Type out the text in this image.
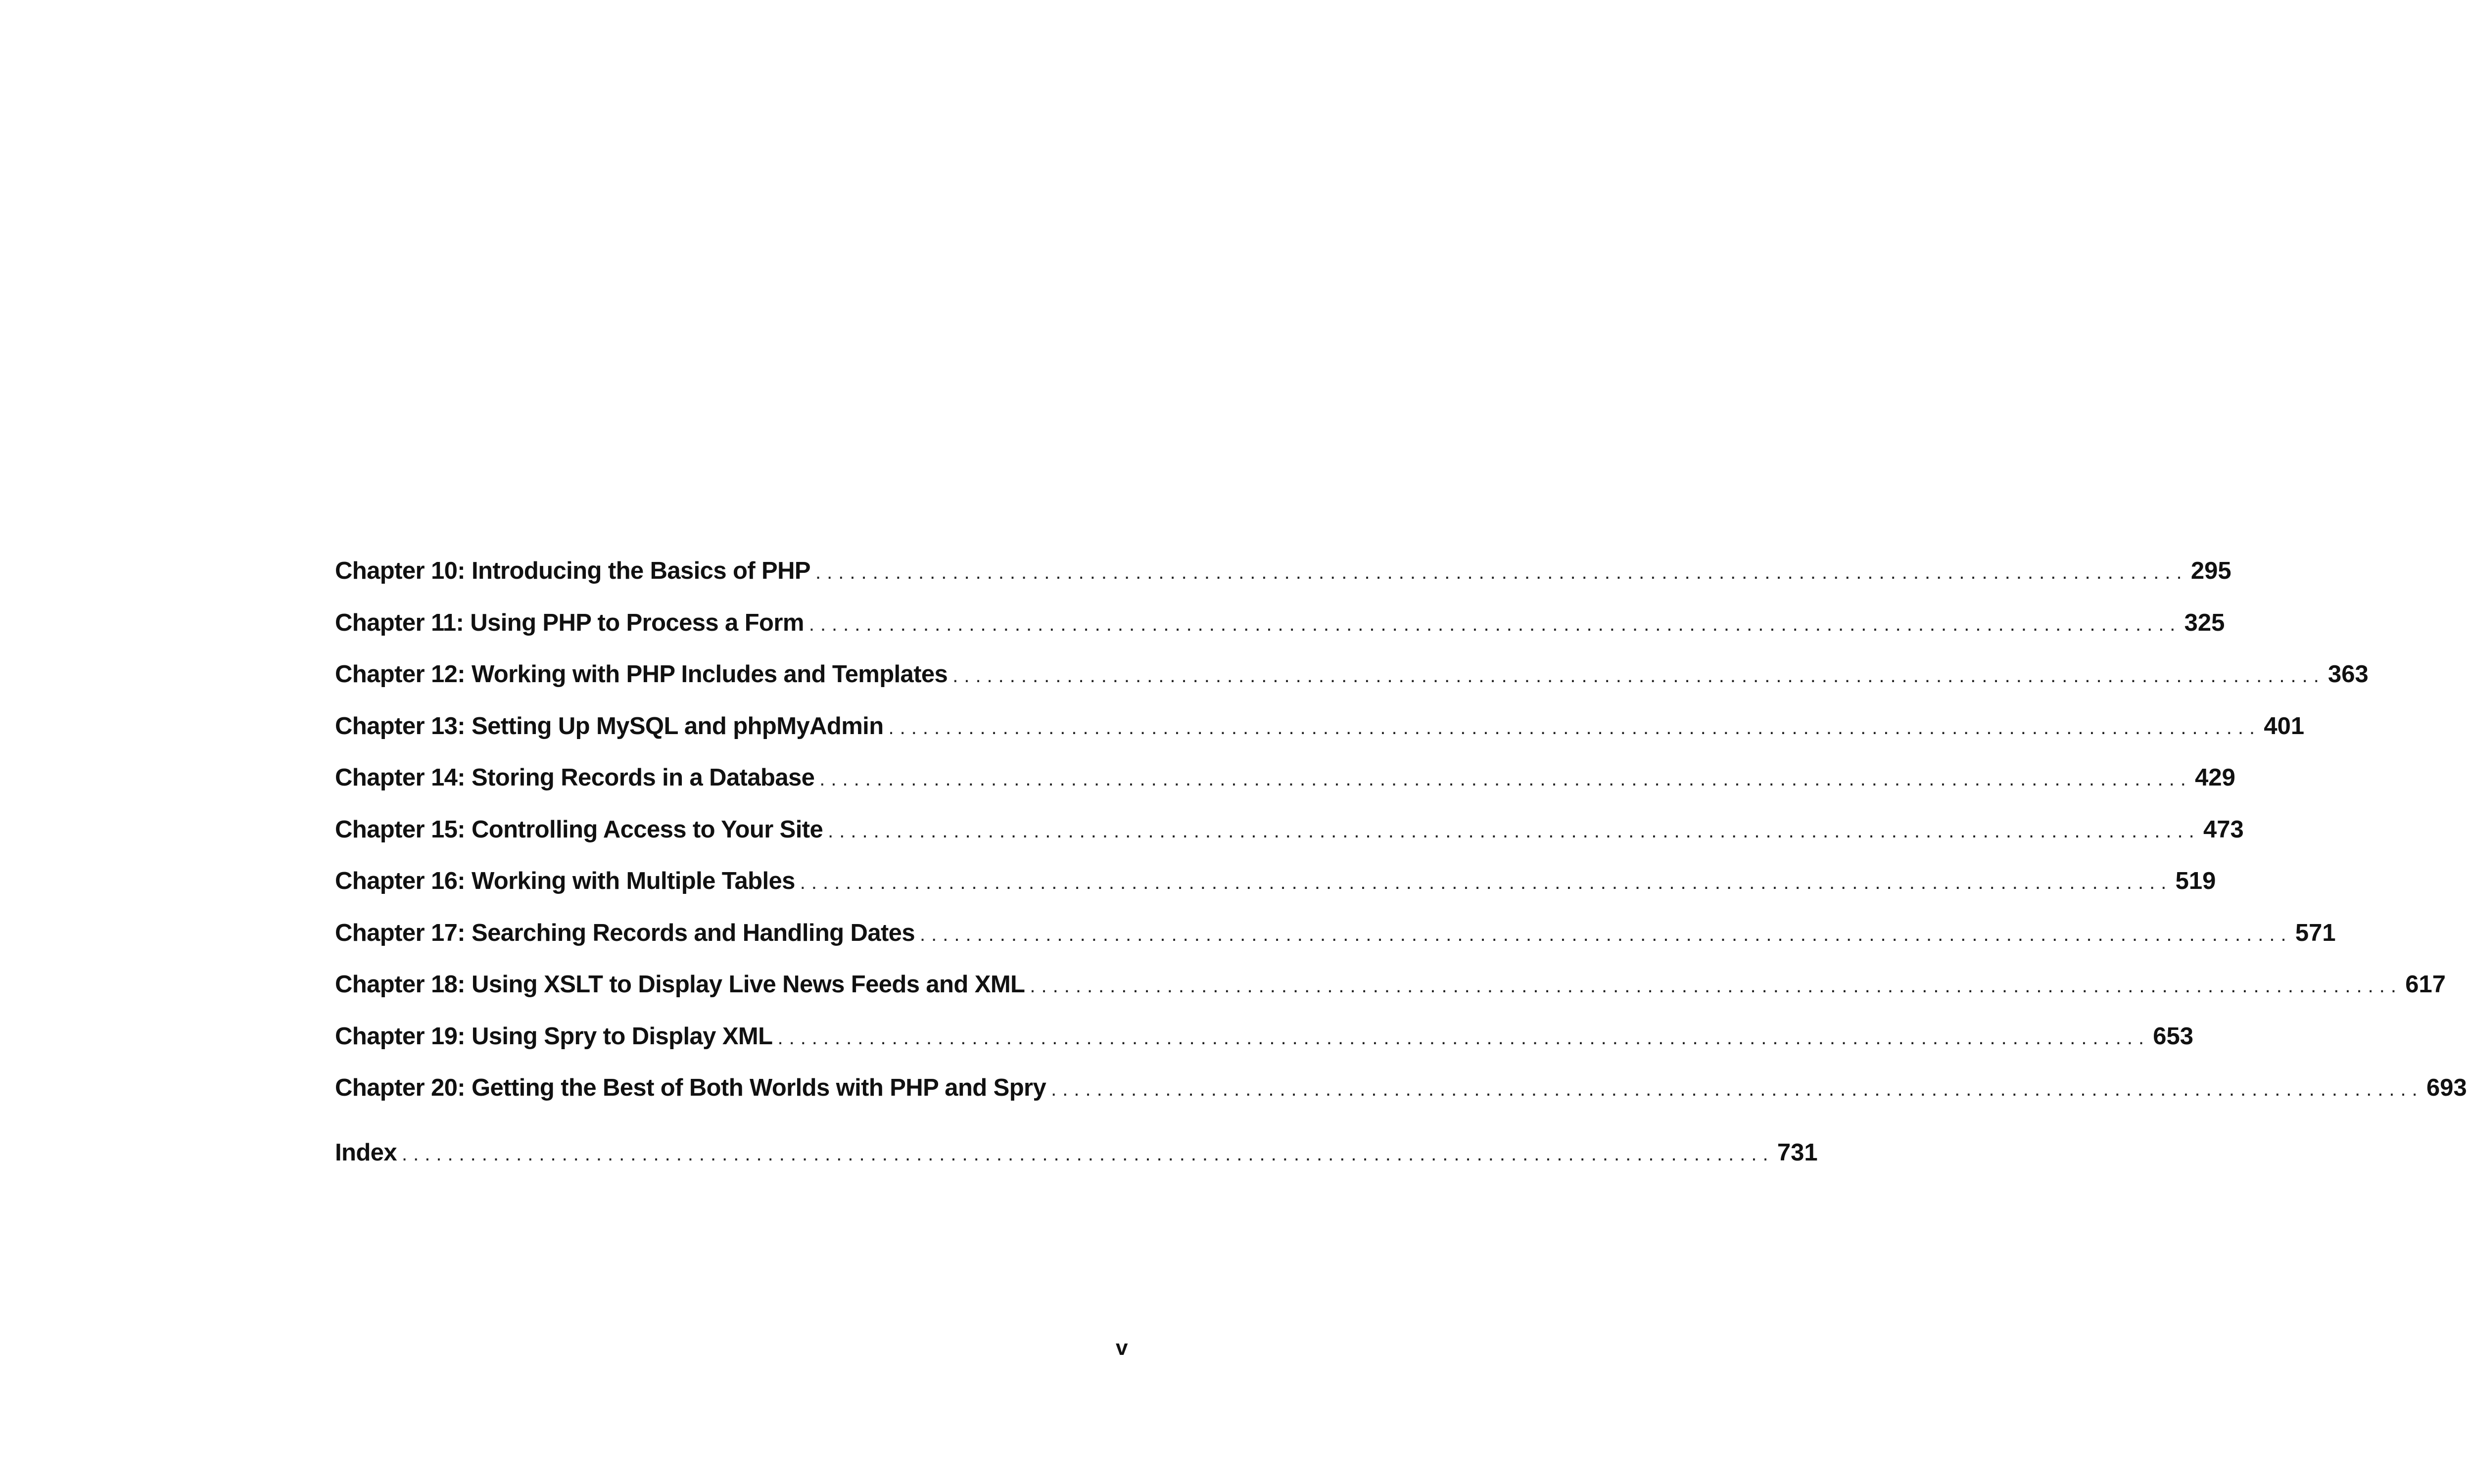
Chapter 10: Introducing the Basics of PHP ........................................................................................................................ 295
Chapter 11: Using PHP to Process a Form ........................................................................................................................ 325
Chapter 12: Working with PHP Includes and Templates ........................................................................................................................ 363
Chapter 13: Setting Up MySQL and phpMyAdmin ........................................................................................................................ 401
Chapter 14: Storing Records in a Database ........................................................................................................................ 429
Chapter 15: Controlling Access to Your Site ........................................................................................................................ 473
Chapter 16: Working with Multiple Tables ........................................................................................................................ 519
Chapter 17: Searching Records and Handling Dates ........................................................................................................................ 571
Chapter 18: Using XSLT to Display Live News Feeds and XML ........................................................................................................................ 617
Chapter 19: Using Spry to Display XML ........................................................................................................................ 653
Chapter 20: Getting the Best of Both Worlds with PHP and Spry ........................................................................................................................ 693
Index ........................................................................................................................ 731
v
